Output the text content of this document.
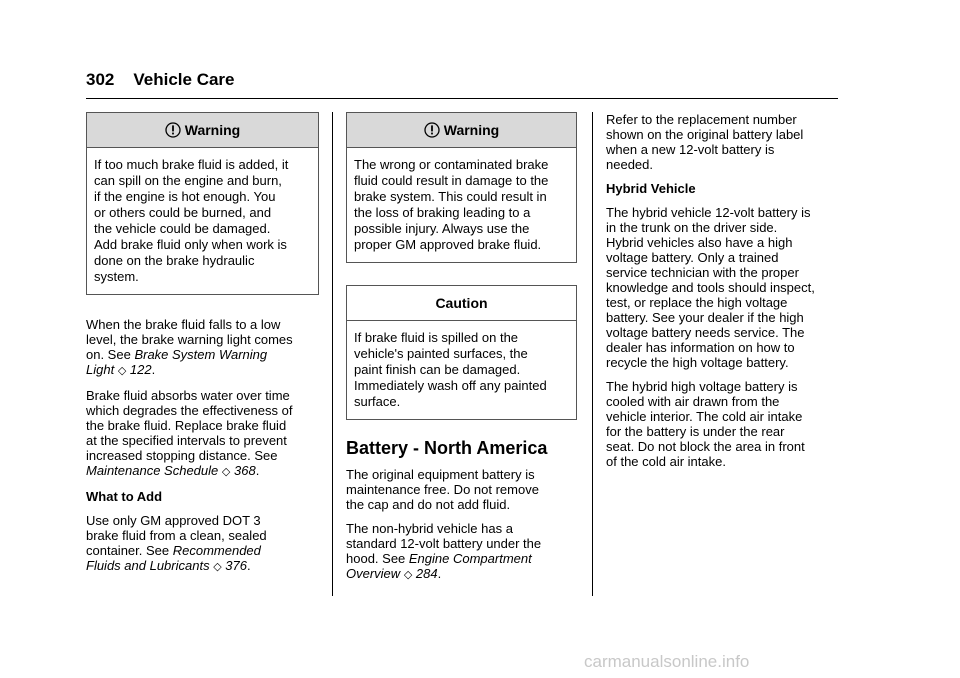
302 Vehicle Care
Warning
If too much brake fluid is added, it
can spill on the engine and burn,
if the engine is hot enough. You
or others could be burned, and
the vehicle could be damaged.
Add brake fluid only when work is
done on the brake hydraulic
system.

When the brake fluid falls to a low
level, the brake warning light comes
on. See Brake System Warning
Light ◇ 122.

Brake fluid absorbs water over time
which degrades the effectiveness of
the brake fluid. Replace brake fluid
at the specified intervals to prevent
increased stopping distance. See
Maintenance Schedule ◇ 368.

What to Add

Use only GM approved DOT 3
brake fluid from a clean, sealed
container. See Recommended
Fluids and Lubricants ◇ 376.

Warning
The wrong or contaminated brake
fluid could result in damage to the
brake system. This could result in
the loss of braking leading to a
possible injury. Always use the
proper GM approved brake fluid.
Caution
If brake fluid is spilled on the
vehicle's painted surfaces, the
paint finish can be damaged.
Immediately wash off any painted
surface.
Battery - North America

The original equipment battery is
maintenance free. Do not remove
the cap and do not add fluid.

The non-hybrid vehicle has a
standard 12-volt battery under the
hood. See Engine Compartment
Overview ◇ 284.

Refer to the replacement number
shown on the original battery label
when a new 12-volt battery is
needed.

Hybrid Vehicle

The hybrid vehicle 12-volt battery is
in the trunk on the driver side.
Hybrid vehicles also have a high
voltage battery. Only a trained
service technician with the proper
knowledge and tools should inspect,
test, or replace the high voltage
battery. See your dealer if the high
voltage battery needs service. The
dealer has information on how to
recycle the high voltage battery.

The hybrid high voltage battery is
cooled with air drawn from the
vehicle interior. The cold air intake
for the battery is under the rear
seat. Do not block the area in front
of the cold air intake.

carmanualsonline.info
